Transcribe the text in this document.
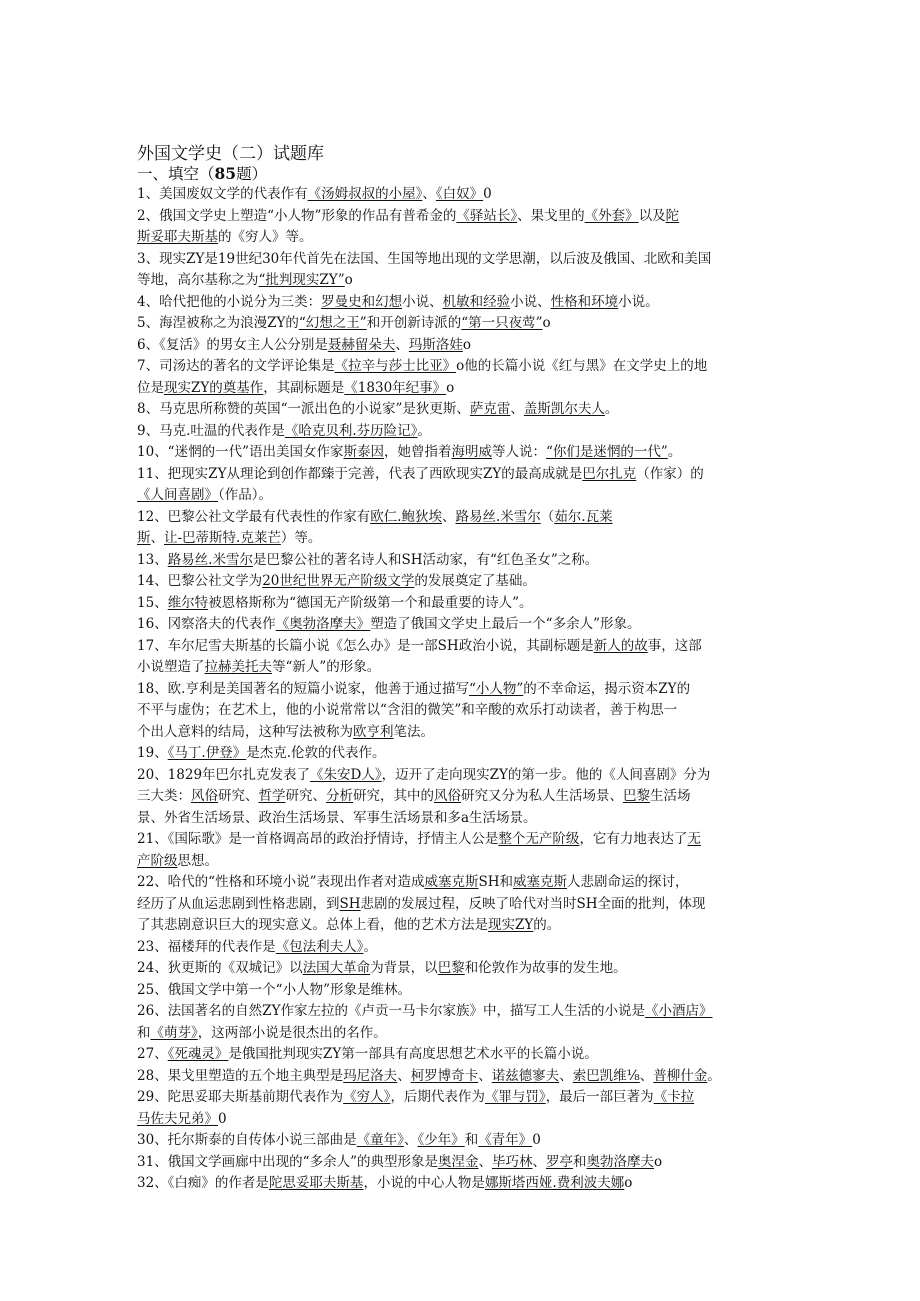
外国文学史（二）试题库
一、填空（85题）
1、美国废奴文学的代表作有《汤姆叔叔的小屋》、《白奴》0
2、俄国文学史上塑造“小人物”形象的作品有普希金的《驿站长》、果戈里的《外套》以及陀
斯妥耶夫斯基的《穷人》等。
3、现实ZY是19世纪30年代首先在法国、生国等地出现的文学思潮，以后波及俄国、北欧和美国
等地，高尔基称之为“批判现实ZY”o
4、哈代把他的小说分为三类：罗曼史和幻想小说、机敏和经验小说、性格和环境小说。
5、海涅被称之为浪漫ZY的“幻想之王”和开创新诗派的“第一只夜莺”o
6、《复活》的男女主人公分别是聂赫留朵夫、玛斯洛娃o
7、司汤达的著名的文学评论集是《拉辛与莎士比亚》o他的长篇小说《红与黑》在文学史上的地
位是现实ZY的奠基作，其副标题是《1830年纪事》o
8、马克思所称赞的英国“一派出色的小说家”是狄更斯、萨克雷、盖斯凯尔夫人。
9、马克.吐温的代表作是《哈克贝利.芬历险记》。
10、“迷惘的一代”语出美国女作家斯泰因，她曾指着海明威等人说：“你们是迷惘的一代”。
11、把现实ZY从理论到创作都臻于完善，代表了西欧现实ZY的最高成就是巴尔扎克（作家）的
《人间喜剧》（作品）。
12、巴黎公社文学最有代表性的作家有欧仁.鲍狄埃、路易丝.米雪尔（茹尔.瓦莱
斯、让-巴蒂斯特.克莱芒）等。
13、路易丝.米雪尔是巴黎公社的著名诗人和SH活动家，有“红色圣女”之称。
14、巴黎公社文学为20世纪世界无产阶级文学的发展奠定了基础。
15、维尔特被恩格斯称为“德国无产阶级第一个和最重要的诗人”。
16、冈察洛夫的代表作《奥勃洛摩夫》塑造了俄国文学史上最后一个“多余人”形象。
17、车尔尼雪夫斯基的长篇小说《怎么办》是一部SH政治小说，其副标题是新人的故事，这部
小说塑造了拉赫美托夫等“新人”的形象。
18、欧.亨利是美国著名的短篇小说家，他善于通过描写“小人物”的不幸命运，揭示资本ZY的
不平与虚伪；在艺术上，他的小说常常以“含泪的微笑”和辛酸的欢乐打动读者，善于构思一
个出人意料的结局，这种写法被称为欧亨利笔法。
19、《马丁.伊登》是杰克.伦敦的代表作。
20、1829年巴尔扎克发表了《朱安D人》，迈开了走向现实ZY的第一步。他的《人间喜剧》分为
三大类：风俗研究、哲学研究、分析研究，其中的风俗研究又分为私人生活场景、巴黎生活场
景、外省生活场景、政治生活场景、军事生活场景和多a生活场景。
21、《国际歌》是一首格调高昂的政治抒情诗，抒情主人公是整个无产阶级，它有力地表达了无
产阶级思想。
22、哈代的“性格和环境小说”表现出作者对造成威塞克斯SH和威塞克斯人悲剧命运的探讨，
经历了从血运悲剧到性格悲剧，到SH悲剧的发展过程，反映了哈代对当时SH全面的批判，体现
了其悲剧意识巨大的现实意义。总体上看，他的艺术方法是现实ZY的。
23、福楼拜的代表作是《包法利夫人》。
24、狄更斯的《双城记》以法国大革命为背景，以巴黎和伦敦作为故事的发生地。
25、俄国文学中第一个“小人物”形象是维林。
26、法国著名的自然ZY作家左拉的《卢贡一马卡尔家族》中，描写工人生活的小说是《小酒店》
和《萌芽》，这两部小说是很杰出的名作。
27、《死魂灵》是俄国批判现实ZY第一部具有高度思想艺术水平的长篇小说。
28、果戈里塑造的五个地主典型是玛尼洛夫、柯罗博奇卡、诺兹德寥夫、索巴凯维⅛、普柳什金。
29、陀思妥耶夫斯基前期代表作为《穷人》，后期代表作为《罪与罚》，最后一部巨著为《卡拉
马佐夫兄弟》0
30、托尔斯泰的自传体小说三部曲是《童年》、《少年》和《青年》0
31、俄国文学画廊中出现的“多余人”的典型形象是奥涅金、毕巧林、罗亭和奥勃洛摩夫o
32、《白痴》的作者是陀思妥耶夫斯基，小说的中心人物是娜斯塔西娅.费利波夫娜o
